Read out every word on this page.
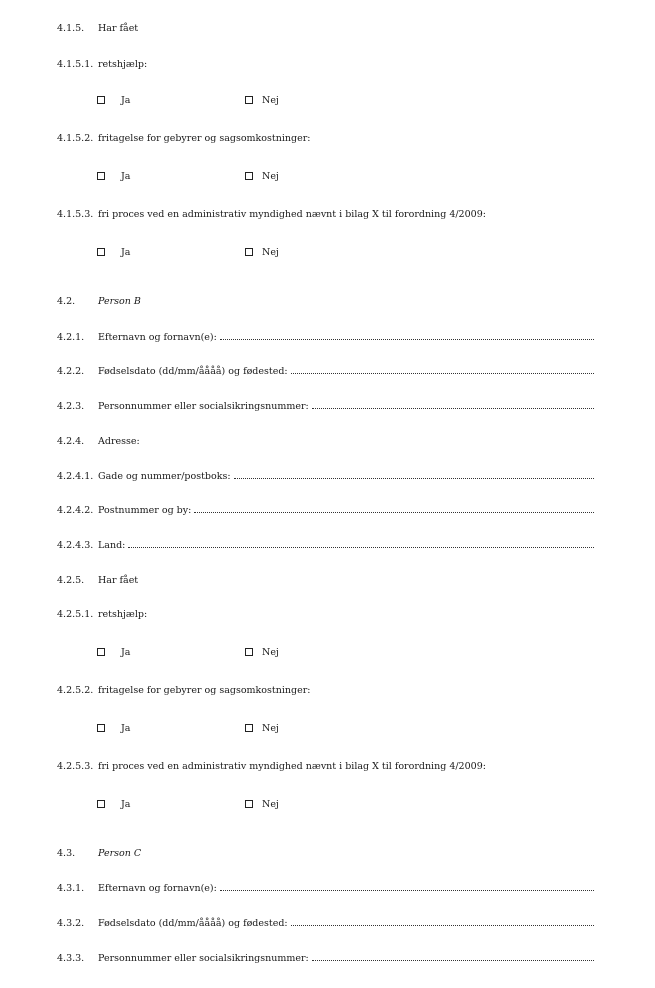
4.1.5. Har fået
4.1.5.1. retshjælp:
Ja	Nej
4.1.5.2. fritagelse for gebyrer og sagsomkostninger:
Ja	Nej
4.1.5.3. fri proces ved en administrativ myndighed nævnt i bilag X til forordning 4/2009:
Ja	Nej
4.2. Person B
4.2.1.	Efternavn og fornavn(e):
4.2.2.	Fødselsdato (dd/mm/åååå) og fødested:
4.2.3.	Personnummer eller socialsikringsnummer:
4.2.4. Adresse:
4.2.4.1. Gade og nummer/postboks:
4.2.4.2. Postnummer og by:
4.2.4.3. Land:
4.2.5. Har fået
4.2.5.1. retshjælp:
Ja	Nej
4.2.5.2. fritagelse for gebyrer og sagsomkostninger:
Ja	Nej
4.2.5.3. fri proces ved en administrativ myndighed nævnt i bilag X til forordning 4/2009:
Ja	Nej
4.3. Person C
4.3.1.	Efternavn og fornavn(e):
4.3.2.	Fødselsdato (dd/mm/åååå) og fødested:
4.3.3.	Personnummer eller socialsikringsnummer:
